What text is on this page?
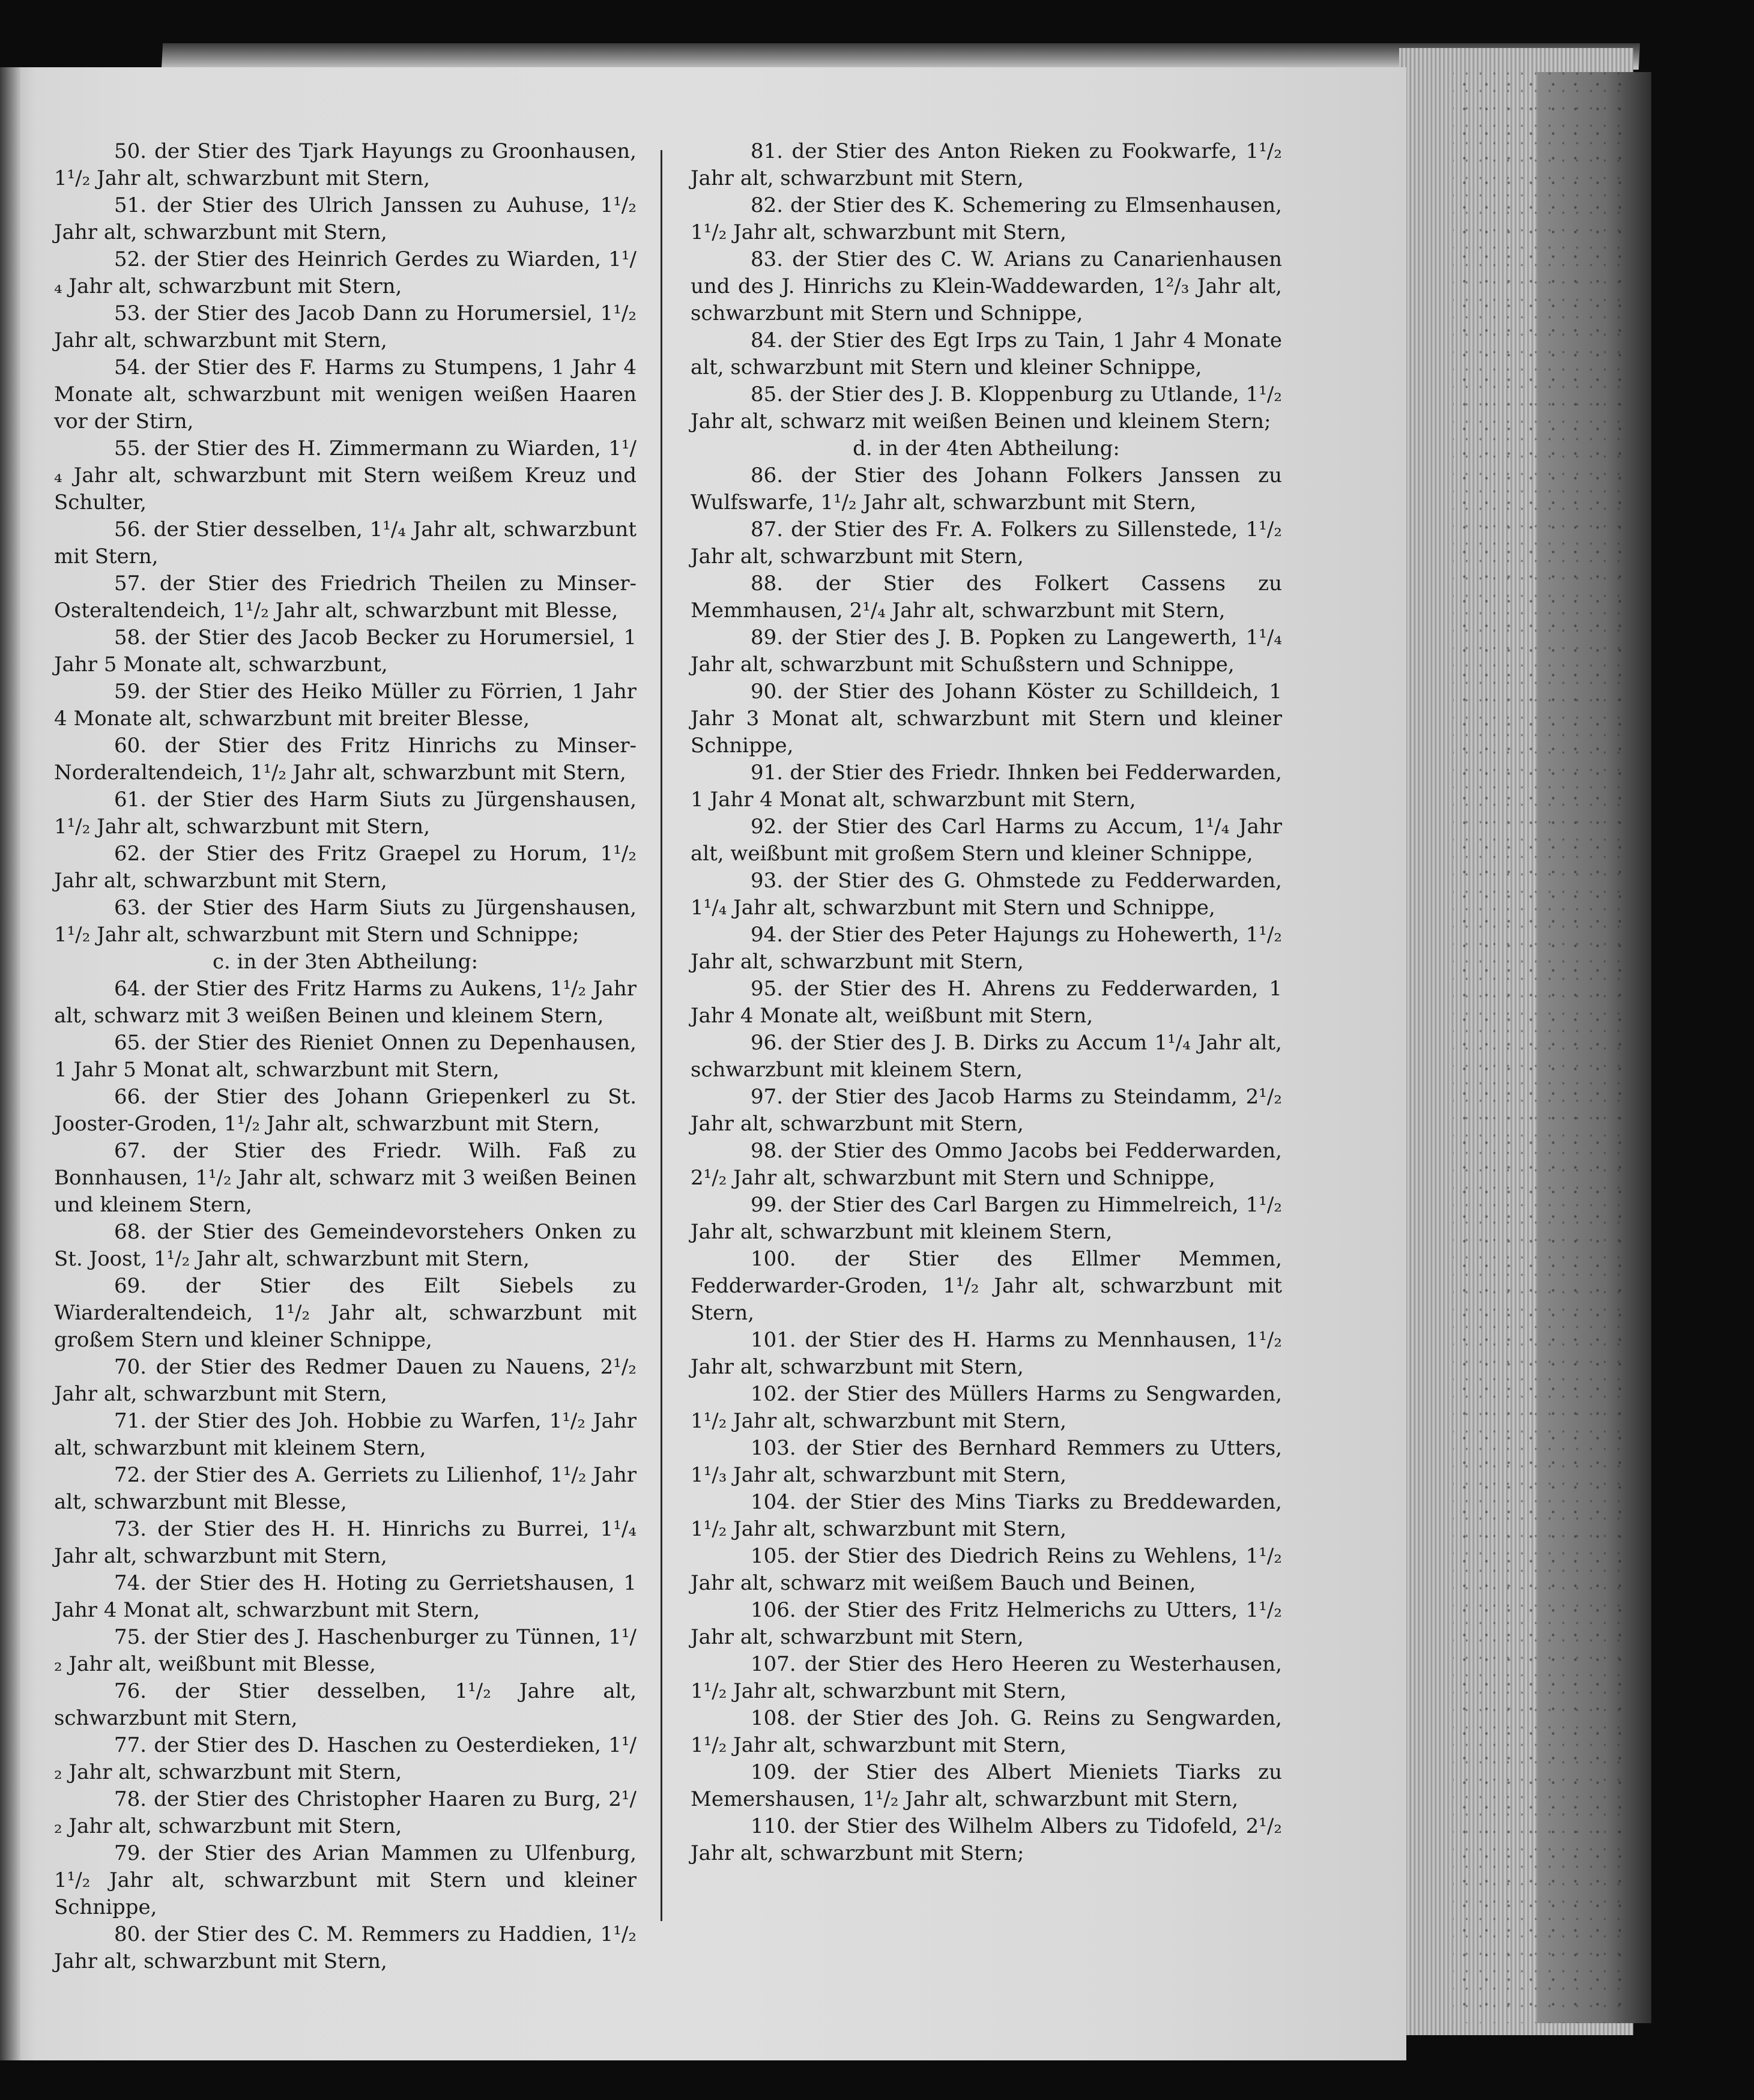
50. der Stier des Tjark Hayungs zu Groonhausen, 1¹/₂ Jahr alt, schwarzbunt mit Stern,

51. der Stier des Ulrich Janssen zu Auhuse, 1¹/₂ Jahr alt, schwarzbunt mit Stern,

52. der Stier des Heinrich Gerdes zu Wiarden, 1¹/₄ Jahr alt, schwarzbunt mit Stern,

53. der Stier des Jacob Dann zu Horumersiel, 1¹/₂ Jahr alt, schwarzbunt mit Stern,

54. der Stier des F. Harms zu Stumpens, 1 Jahr 4 Monate alt, schwarzbunt mit wenigen weißen Haaren vor der Stirn,

55. der Stier des H. Zimmermann zu Wiarden, 1¹/₄ Jahr alt, schwarzbunt mit Stern weißem Kreuz und Schulter,

56. der Stier desselben, 1¹/₄ Jahr alt, schwarzbunt mit Stern,

57. der Stier des Friedrich Theilen zu Minser-Osteraltendeich, 1¹/₂ Jahr alt, schwarzbunt mit Blesse,

58. der Stier des Jacob Becker zu Horumersiel, 1 Jahr 5 Monate alt, schwarzbunt,

59. der Stier des Heiko Müller zu Förrien, 1 Jahr 4 Monate alt, schwarzbunt mit breiter Blesse,

60. der Stier des Fritz Hinrichs zu Minser-Norderaltendeich, 1¹/₂ Jahr alt, schwarzbunt mit Stern,

61. der Stier des Harm Siuts zu Jürgenshausen, 1¹/₂ Jahr alt, schwarzbunt mit Stern,

62. der Stier des Fritz Graepel zu Horum, 1¹/₂ Jahr alt, schwarzbunt mit Stern,

63. der Stier des Harm Siuts zu Jürgenshausen, 1¹/₂ Jahr alt, schwarzbunt mit Stern und Schnippe;

c. in der 3ten Abtheilung:

64. der Stier des Fritz Harms zu Aukens, 1¹/₂ Jahr alt, schwarz mit 3 weißen Beinen und kleinem Stern,

65. der Stier des Rieniet Onnen zu Depenhausen, 1 Jahr 5 Monat alt, schwarzbunt mit Stern,

66. der Stier des Johann Griepenkerl zu St. Jooster-Groden, 1¹/₂ Jahr alt, schwarzbunt mit Stern,

67. der Stier des Friedr. Wilh. Faß zu Bonnhausen, 1¹/₂ Jahr alt, schwarz mit 3 weißen Beinen und kleinem Stern,

68. der Stier des Gemeindevorstehers Onken zu St. Joost, 1¹/₂ Jahr alt, schwarzbunt mit Stern,

69. der Stier des Eilt Siebels zu Wiarderaltendeich, 1¹/₂ Jahr alt, schwarzbunt mit großem Stern und kleiner Schnippe,

70. der Stier des Redmer Dauen zu Nauens, 2¹/₂ Jahr alt, schwarzbunt mit Stern,

71. der Stier des Joh. Hobbie zu Warfen, 1¹/₂ Jahr alt, schwarzbunt mit kleinem Stern,

72. der Stier des A. Gerriets zu Lilienhof, 1¹/₂ Jahr alt, schwarzbunt mit Blesse,

73. der Stier des H. H. Hinrichs zu Burrei, 1¹/₄ Jahr alt, schwarzbunt mit Stern,

74. der Stier des H. Hoting zu Gerrietshausen, 1 Jahr 4 Monat alt, schwarzbunt mit Stern,

75. der Stier des J. Haschenburger zu Tünnen, 1¹/₂ Jahr alt, weißbunt mit Blesse,

76. der Stier desselben, 1¹/₂ Jahre alt, schwarzbunt mit Stern,

77. der Stier des D. Haschen zu Oesterdieken, 1¹/₂ Jahr alt, schwarzbunt mit Stern,

78. der Stier des Christopher Haaren zu Burg, 2¹/₂ Jahr alt, schwarzbunt mit Stern,

79. der Stier des Arian Mammen zu Ulfenburg, 1¹/₂ Jahr alt, schwarzbunt mit Stern und kleiner Schnippe,

80. der Stier des C. M. Remmers zu Haddien, 1¹/₂ Jahr alt, schwarzbunt mit Stern,

81. der Stier des Anton Rieken zu Fookwarfe, 1¹/₂ Jahr alt, schwarzbunt mit Stern,

82. der Stier des K. Schemering zu Elmsenhausen, 1¹/₂ Jahr alt, schwarzbunt mit Stern,

83. der Stier des C. W. Arians zu Canarienhausen und des J. Hinrichs zu Klein-Waddewarden, 1²/₃ Jahr alt, schwarzbunt mit Stern und Schnippe,

84. der Stier des Egt Irps zu Tain, 1 Jahr 4 Monate alt, schwarzbunt mit Stern und kleiner Schnippe,

85. der Stier des J. B. Kloppenburg zu Utlande, 1¹/₂ Jahr alt, schwarz mit weißen Beinen und kleinem Stern;

d. in der 4ten Abtheilung:

86. der Stier des Johann Folkers Janssen zu Wulfswarfe, 1¹/₂ Jahr alt, schwarzbunt mit Stern,

87. der Stier des Fr. A. Folkers zu Sillenstede, 1¹/₂ Jahr alt, schwarzbunt mit Stern,

88. der Stier des Folkert Cassens zu Memmhausen, 2¹/₄ Jahr alt, schwarzbunt mit Stern,

89. der Stier des J. B. Popken zu Langewerth, 1¹/₄ Jahr alt, schwarzbunt mit Schußstern und Schnippe,

90. der Stier des Johann Köster zu Schilldeich, 1 Jahr 3 Monat alt, schwarzbunt mit Stern und kleiner Schnippe,

91. der Stier des Friedr. Ihnken bei Fedderwarden, 1 Jahr 4 Monat alt, schwarzbunt mit Stern,

92. der Stier des Carl Harms zu Accum, 1¹/₄ Jahr alt, weißbunt mit großem Stern und kleiner Schnippe,

93. der Stier des G. Ohmstede zu Fedderwarden, 1¹/₄ Jahr alt, schwarzbunt mit Stern und Schnippe,

94. der Stier des Peter Hajungs zu Hohewerth, 1¹/₂ Jahr alt, schwarzbunt mit Stern,

95. der Stier des H. Ahrens zu Fedderwarden, 1 Jahr 4 Monate alt, weißbunt mit Stern,

96. der Stier des J. B. Dirks zu Accum 1¹/₄ Jahr alt, schwarzbunt mit kleinem Stern,

97. der Stier des Jacob Harms zu Steindamm, 2¹/₂ Jahr alt, schwarzbunt mit Stern,

98. der Stier des Ommo Jacobs bei Fedderwarden, 2¹/₂ Jahr alt, schwarzbunt mit Stern und Schnippe,

99. der Stier des Carl Bargen zu Himmelreich, 1¹/₂ Jahr alt, schwarzbunt mit kleinem Stern,

100. der Stier des Ellmer Memmen, Fedderwarder-Groden, 1¹/₂ Jahr alt, schwarzbunt mit Stern,

101. der Stier des H. Harms zu Mennhausen, 1¹/₂ Jahr alt, schwarzbunt mit Stern,

102. der Stier des Müllers Harms zu Sengwarden, 1¹/₂ Jahr alt, schwarzbunt mit Stern,

103. der Stier des Bernhard Remmers zu Utters, 1¹/₃ Jahr alt, schwarzbunt mit Stern,

104. der Stier des Mins Tiarks zu Breddewarden, 1¹/₂ Jahr alt, schwarzbunt mit Stern,

105. der Stier des Diedrich Reins zu Wehlens, 1¹/₂ Jahr alt, schwarz mit weißem Bauch und Beinen,

106. der Stier des Fritz Helmerichs zu Utters, 1¹/₂ Jahr alt, schwarzbunt mit Stern,

107. der Stier des Hero Heeren zu Westerhausen, 1¹/₂ Jahr alt, schwarzbunt mit Stern,

108. der Stier des Joh. G. Reins zu Sengwarden, 1¹/₂ Jahr alt, schwarzbunt mit Stern,

109. der Stier des Albert Mieniets Tiarks zu Memershausen, 1¹/₂ Jahr alt, schwarzbunt mit Stern,

110. der Stier des Wilhelm Albers zu Tidofeld, 2¹/₂ Jahr alt, schwarzbunt mit Stern;
